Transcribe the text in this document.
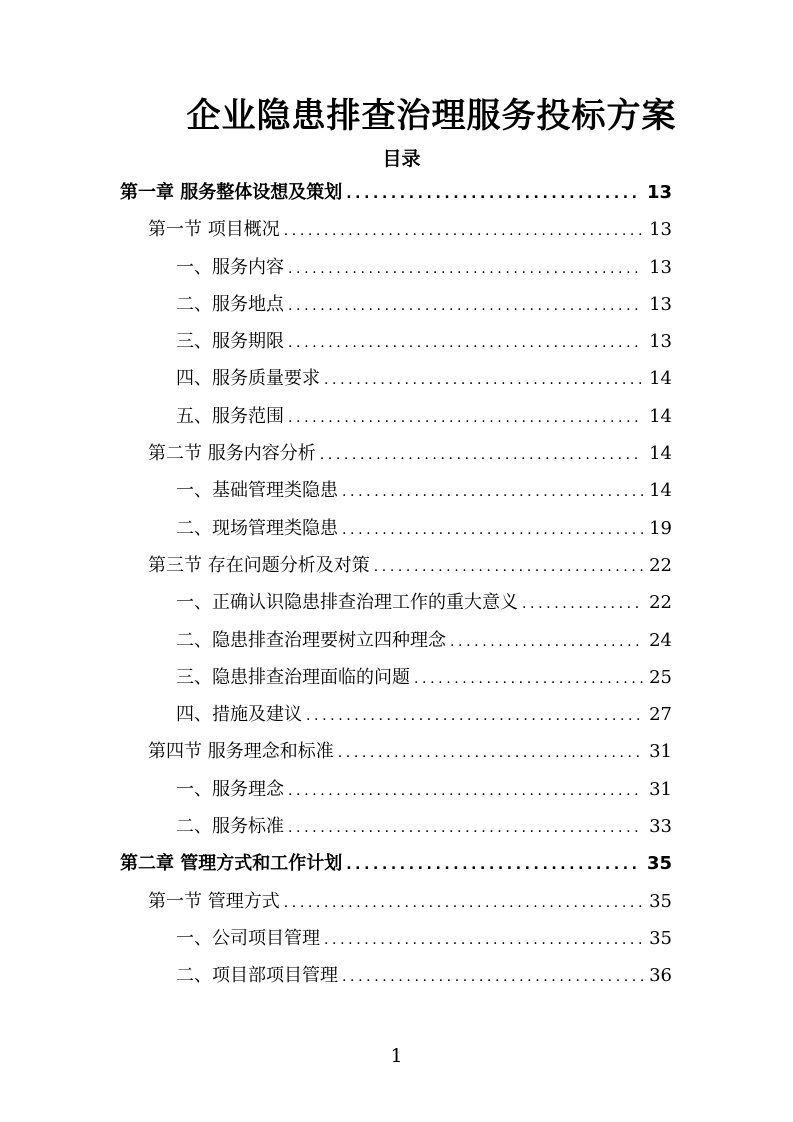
企业隐患排查治理服务投标方案
目录
第一章 服务整体设想及策划 .....	13
第一节 项目概况 .....	13
一、服务内容 .....	13
二、服务地点 .....	13
三、服务期限 .....	13
四、服务质量要求 .....	14
五、服务范围 .....	14
第二节 服务内容分析 .....	14
一、基础管理类隐患 .....	14
二、现场管理类隐患 .....	19
第三节 存在问题分析及对策 .....	22
一、正确认识隐患排查治理工作的重大意义 .....	22
二、隐患排查治理要树立四种理念 .....	24
三、隐患排查治理面临的问题 .....	25
四、措施及建议 .....	27
第四节 服务理念和标准 .....	31
一、服务理念 .....	31
二、服务标准 .....	33
第二章 管理方式和工作计划 .....	35
第一节 管理方式 .....	35
一、公司项目管理 .....	35
二、项目部项目管理 .....	36
1
